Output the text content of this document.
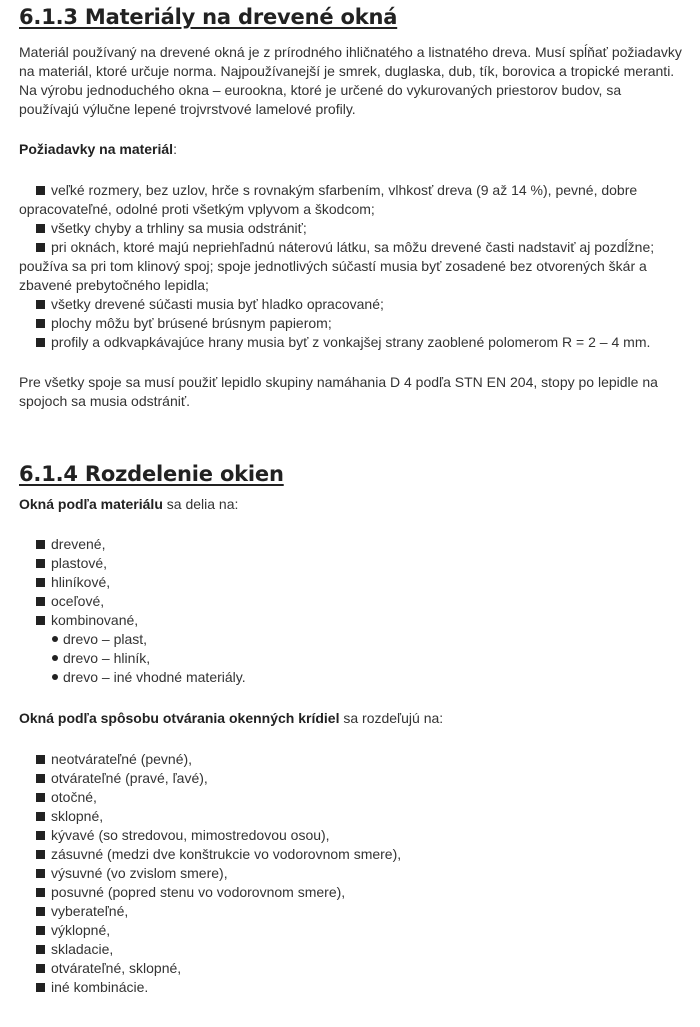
6.1.3 Materiály na drevené okná

Materiál používaný na drevené okná je z prírodného ihličnatého a listnatého dreva. Musí spĺňať požiadavky na materiál, ktoré určuje norma. Najpoužívanejší je smrek, duglaska, dub, tík, borovica a tropické meranti. Na výrobu jednoduchého okna – eurookna, ktoré je určené do vykurovaných priestorov budov, sa používajú výlučne lepené trojvrstvové lamelové profily.

Požiadavky na materiál:

veľké rozmery, bez uzlov, hrče s rovnakým sfarbením, vlhkosť dreva (9 až 14 %), pevné, dobre opracovateľné, odolné proti všetkým vplyvom a škodcom;
všetky chyby a trhliny sa musia odstrániť;
pri oknách, ktoré majú nepriehľadnú náterovú látku, sa môžu drevené časti nadstaviť aj pozdĺžne; používa sa pri tom klinový spoj; spoje jednotlivých súčastí musia byť zosadené bez otvorených škár a zbavené prebytočného lepidla;
všetky drevené súčasti musia byť hladko opracované;
plochy môžu byť brúsené brúsnym papierom;
profily a odkvapkávajúce hrany musia byť z vonkajšej strany zaoblené polomerom R = 2 – 4 mm.

Pre všetky spoje sa musí použiť lepidlo skupiny namáhania D 4 podľa STN EN 204, stopy po lepidle na spojoch sa musia odstrániť.

6.1.4 Rozdelenie okien

Okná podľa materiálu sa delia na:

drevené,
plastové,
hliníkové,
oceľové,
kombinované,
drevo – plast,
drevo – hliník,
drevo – iné vhodné materiály.

Okná podľa spôsobu otvárania okenných krídiel sa rozdeľujú na:

neotvárateľné (pevné),
otvárateľné (pravé, ľavé),
otočné,
sklopné,
kývavé (so stredovou, mimostredovou osou),
zásuvné (medzi dve konštrukcie vo vodorovnom smere),
výsuvné (vo zvislom smere),
posuvné (popred stenu vo vodorovnom smere),
vyberateľné,
výklopné,
skladacie,
otvárateľné, sklopné,
iné kombinácie.
